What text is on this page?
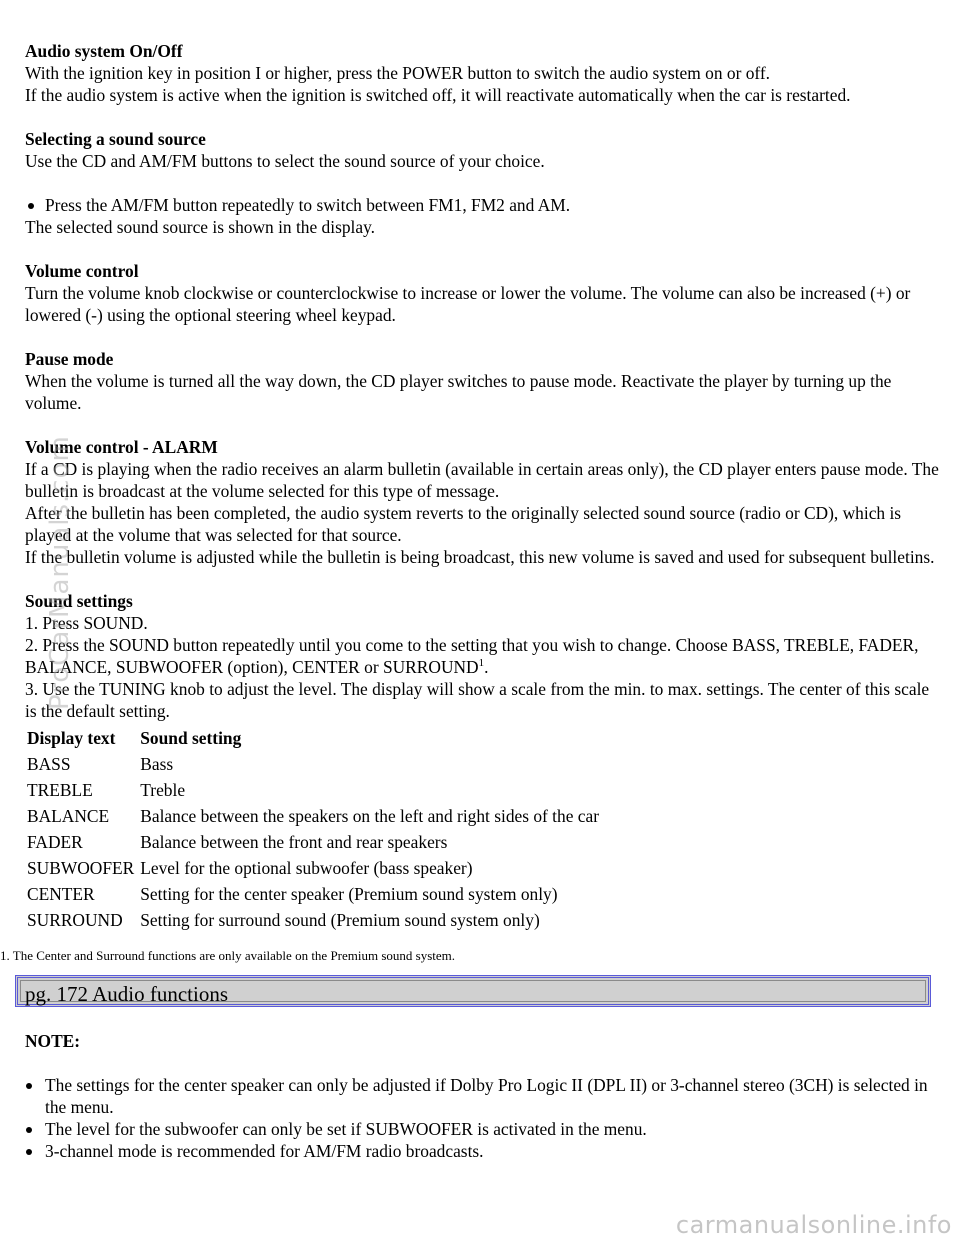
Audio system On/Off

With the ignition key in position I or higher, press the POWER button to switch the audio system on or off.

If the audio system is active when the ignition is switched off, it will reactivate automatically when the car is restarted.

Selecting a sound source

Use the CD and AM/FM buttons to select the sound source of your choice.

Press the AM/FM button repeatedly to switch between FM1, FM2 and AM.

The selected sound source is shown in the display.

Volume control

Turn the volume knob clockwise or counterclockwise to increase or lower the volume. The volume can also be increased (+) or lowered (-) using the optional steering wheel keypad.

Pause mode

When the volume is turned all the way down, the CD player switches to pause mode. Reactivate the player by turning up the volume.

Volume control - ALARM

If a CD is playing when the radio receives an alarm bulletin (available in certain areas only), the CD player enters pause mode. The bulletin is broadcast at the volume selected for this type of message.

After the bulletin has been completed, the audio system reverts to the originally selected sound source (radio or CD), which is played at the volume that was selected for that source.

If the bulletin volume is adjusted while the bulletin is being broadcast, this new volume is saved and used for subsequent bulletins.

Sound settings

1. Press SOUND.

2. Press the SOUND button repeatedly until you come to the setting that you wish to change. Choose BASS, TREBLE, FADER, BALANCE, SUBWOOFER (option), CENTER or SURROUND$^1$.

3. Use the TUNING knob to adjust the level. The display will show a scale from the min. to max. settings. The center of this scale is the default setting.

Display text	Sound setting
BASS	Bass
TREBLE	Treble
BALANCE	Balance between the speakers on the left and right sides of the car
FADER	Balance between the front and rear speakers
SUBWOOFER	Level for the optional subwoofer (bass speaker)
CENTER	Setting for the center speaker (Premium sound system only)
SURROUND	Setting for surround sound (Premium sound system only)

1. The Center and Surround functions are only available on the Premium sound system.

pg. 172 Audio functions

NOTE:

The settings for the center speaker can only be adjusted if Dolby Pro Logic II (DPL II) or 3-channel stereo (3CH) is selected in the menu.
The level for the subwoofer can only be set if SUBWOOFER is activated in the menu.
3-channel mode is recommended for AM/FM radio broadcasts.
ProCarManuals.com
carmanualsonline.info
